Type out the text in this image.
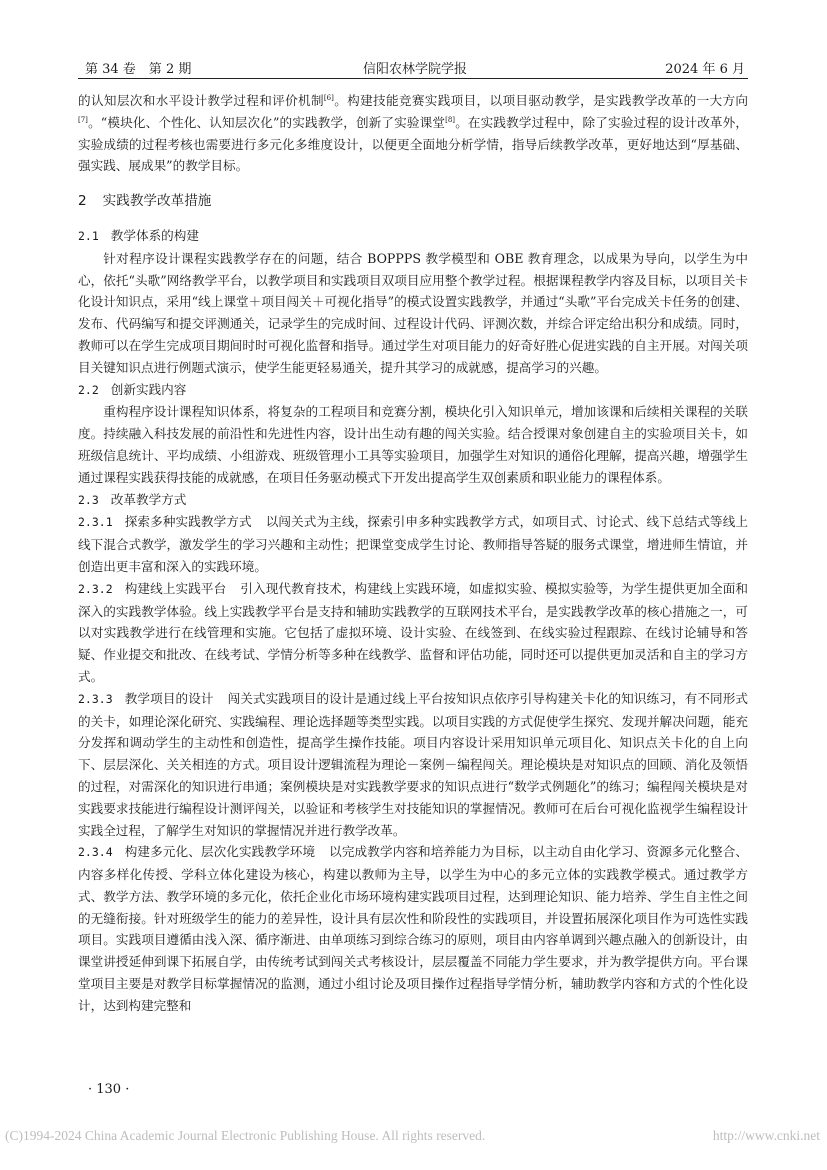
第 34 卷　第 2 期	信阳农林学院学报	2024 年 6 月

的认知层次和水平设计教学过程和评价机制[6]。构建技能竞赛实践项目，以项目驱动教学，是实践教学改革的一大方向[7]。“模块化、个性化、认知层次化”的实践教学，创新了实验课堂[8]。在实践教学过程中，除了实验过程的设计改革外，实验成绩的过程考核也需要进行多元化多维度设计，以便更全面地分析学情，指导后续教学改革，更好地达到“厚基础、强实践、展成果”的教学目标。

2 实践教学改革措施
2.1 教学体系的构建

针对程序设计课程实践教学存在的问题，结合 BOPPPS 教学模型和 OBE 教育理念，以成果为导向，以学生为中心，依托“头歌”网络教学平台，以教学项目和实践项目双项目应用整个教学过程。根据课程教学内容及目标，以项目关卡化设计知识点，采用“线上课堂＋项目闯关＋可视化指导”的模式设置实践教学，并通过“头歌”平台完成关卡任务的创建、发布、代码编写和提交评测通关，记录学生的完成时间、过程设计代码、评测次数，并综合评定给出积分和成绩。同时，教师可以在学生完成项目期间时时可视化监督和指导。通过学生对项目能力的好奇好胜心促进实践的自主开展。对闯关项目关键知识点进行例题式演示，使学生能更轻易通关，提升其学习的成就感，提高学习的兴趣。

2.2 创新实践内容

重构程序设计课程知识体系，将复杂的工程项目和竞赛分割，模块化引入知识单元，增加该课和后续相关课程的关联度。持续融入科技发展的前沿性和先进性内容，设计出生动有趣的闯关实验。结合授课对象创建自主的实验项目关卡，如班级信息统计、平均成绩、小组游戏、班级管理小工具等实验项目，加强学生对知识的通俗化理解，提高兴趣，增强学生通过课程实践获得技能的成就感，在项目任务驱动模式下开发出提高学生双创素质和职业能力的课程体系。

2.3 改革教学方式

2.3.1 探索多种实践教学方式 以闯关式为主线，探索引申多种实践教学方式，如项目式、讨论式、线下总结式等线上线下混合式教学，激发学生的学习兴趣和主动性；把课堂变成学生讨论、教师指导答疑的服务式课堂，增进师生情谊，并创造出更丰富和深入的实践环境。

2.3.2 构建线上实践平台 引入现代教育技术，构建线上实践环境，如虚拟实验、模拟实验等，为学生提供更加全面和深入的实践教学体验。线上实践教学平台是支持和辅助实践教学的互联网技术平台，是实践教学改革的核心措施之一，可以对实践教学进行在线管理和实施。它包括了虚拟环境、设计实验、在线签到、在线实验过程跟踪、在线讨论辅导和答疑、作业提交和批改、在线考试、学情分析等多种在线教学、监督和评估功能，同时还可以提供更加灵活和自主的学习方式。

2.3.3 教学项目的设计 闯关式实践项目的设计是通过线上平台按知识点依序引导构建关卡化的知识练习，有不同形式的关卡，如理论深化研究、实践编程、理论选择题等类型实践。以项目实践的方式促使学生探究、发现并解决问题，能充分发挥和调动学生的主动性和创造性，提高学生操作技能。项目内容设计采用知识单元项目化、知识点关卡化的自上向下、层层深化、关关相连的方式。项目设计逻辑流程为理论－案例－编程闯关。理论模块是对知识点的回顾、消化及领悟的过程，对需深化的知识进行串通；案例模块是对实践教学要求的知识点进行“数学式例题化”的练习；编程闯关模块是对实践要求技能进行编程设计测评闯关，以验证和考核学生对技能知识的掌握情况。教师可在后台可视化监视学生编程设计实践全过程，了解学生对知识的掌握情况并进行教学改革。

2.3.4 构建多元化、层次化实践教学环境 以完成教学内容和培养能力为目标，以主动自由化学习、资源多元化整合、内容多样化传授、学科立体化建设为核心，构建以教师为主导，以学生为中心的多元立体的实践教学模式。通过教学方式、教学方法、教学环境的多元化，依托企业化市场环境构建实践项目过程，达到理论知识、能力培养、学生自主性之间的无缝衔接。针对班级学生的能力的差异性，设计具有层次性和阶段性的实践项目，并设置拓展深化项目作为可选性实践项目。实践项目遵循由浅入深、循序渐进、由单项练习到综合练习的原则，项目由内容单调到兴趣点融入的创新设计，由课堂讲授延伸到课下拓展自学，由传统考试到闯关式考核设计，层层覆盖不同能力学生要求，并为教学提供方向。平台课堂项目主要是对教学目标掌握情况的监测，通过小组讨论及项目操作过程指导学情分析，辅助教学内容和方式的个性化设计，达到构建完整和

· 130 ·
(C)1994-2024 China Academic Journal Electronic Publishing House. All rights reserved.	http://www.cnki.net
